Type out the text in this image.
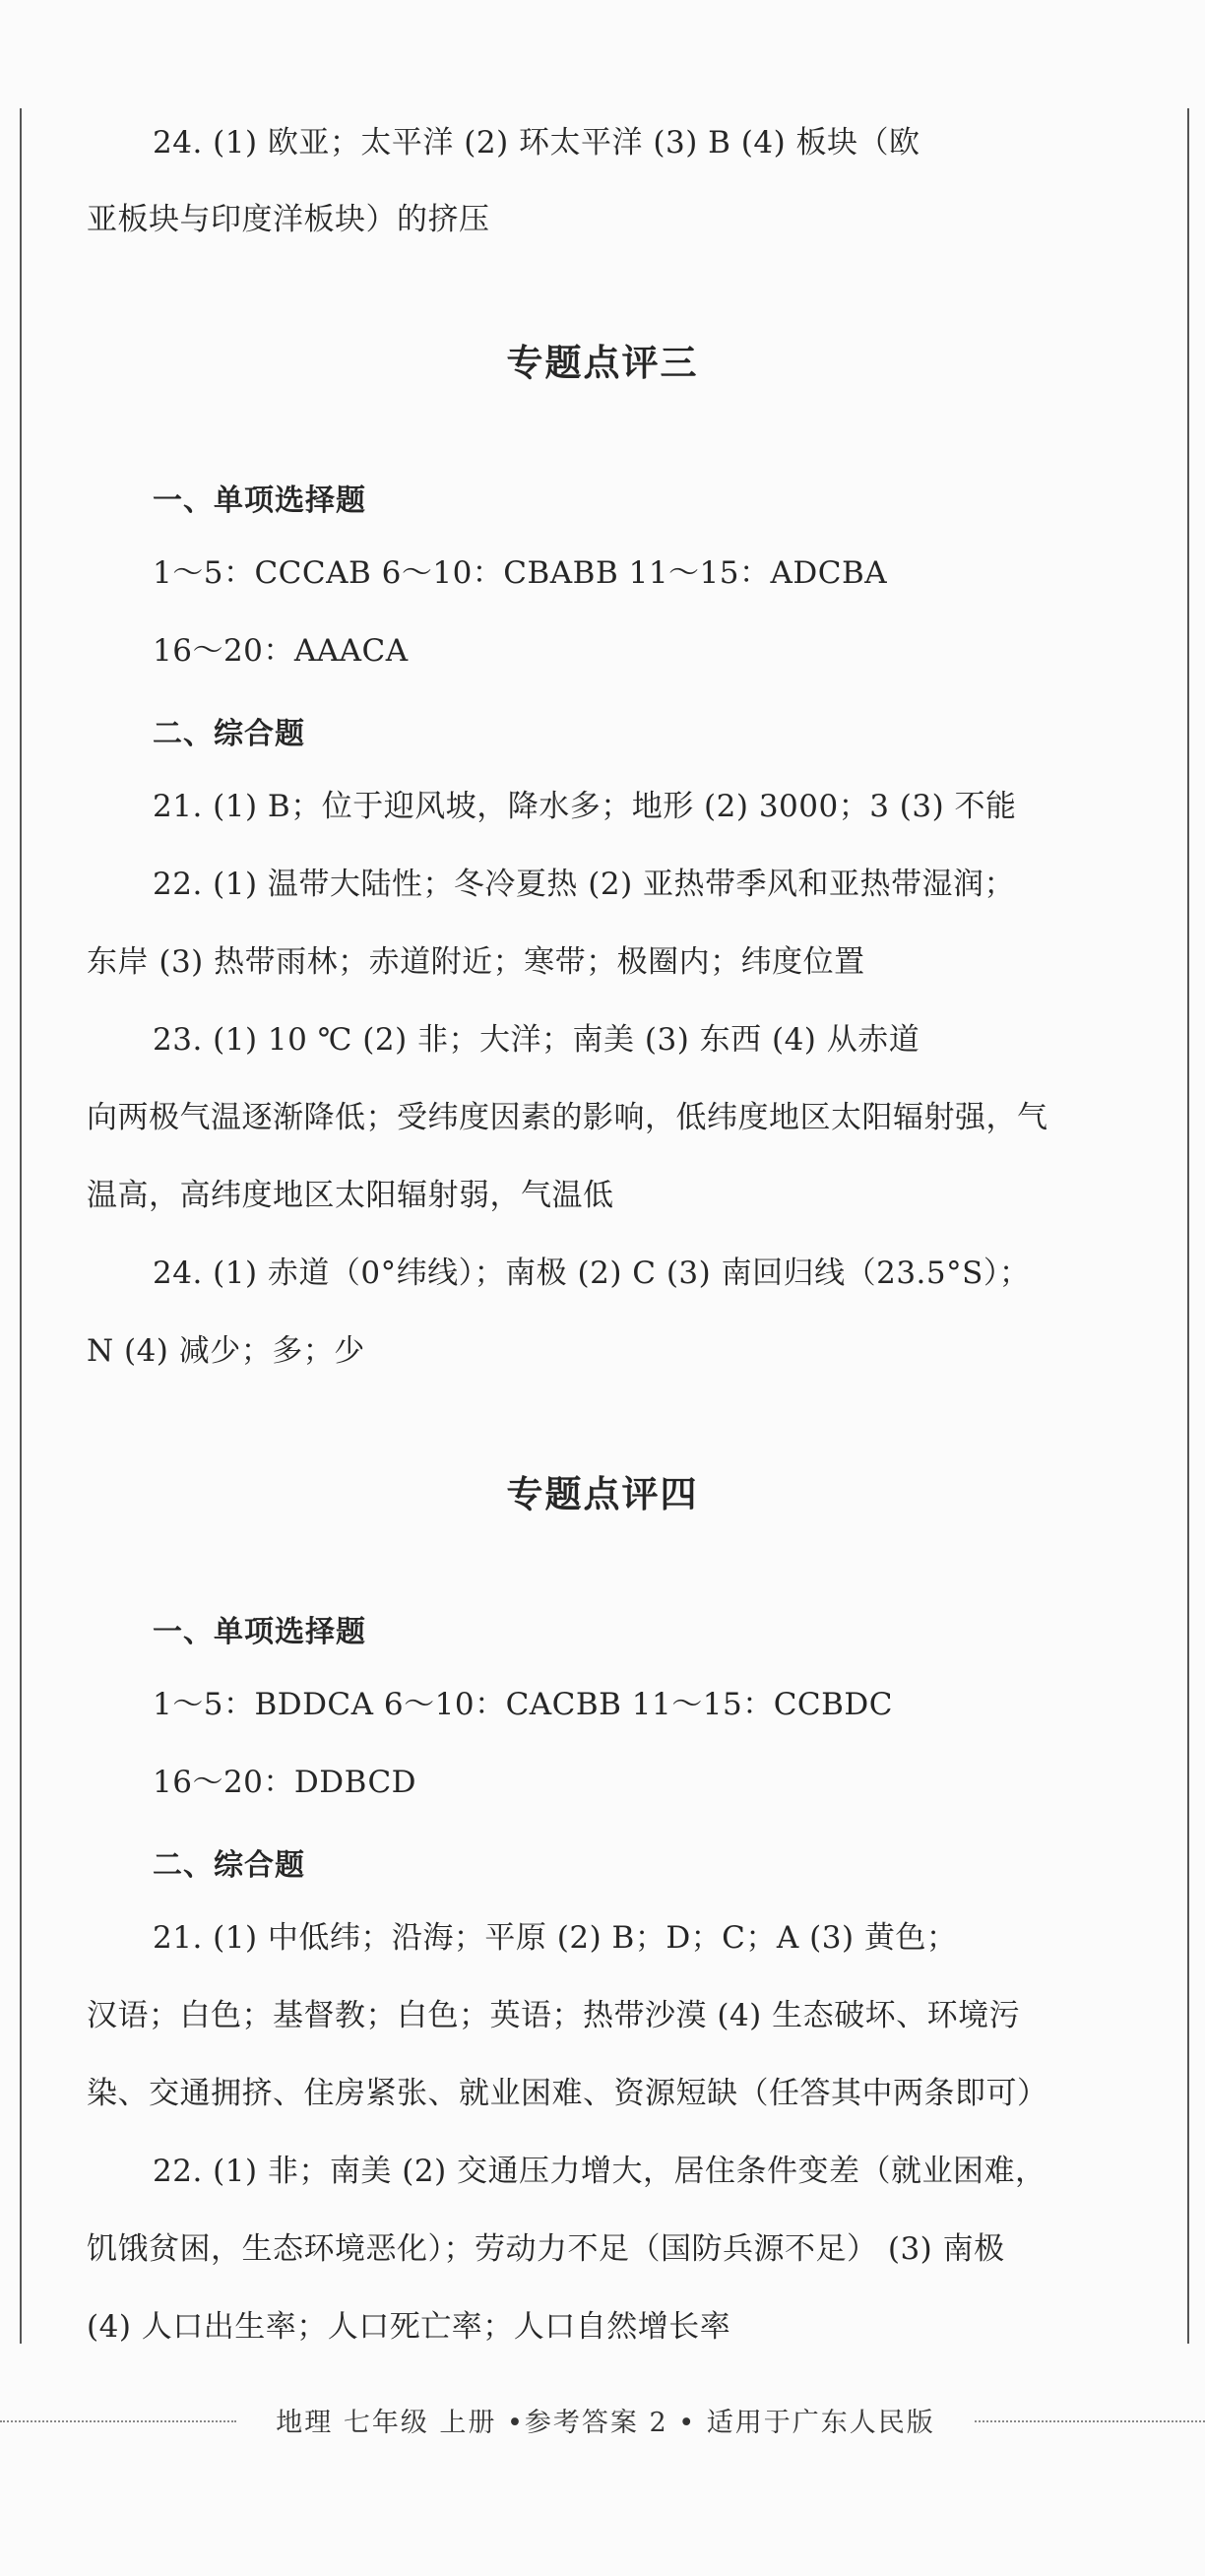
24. (1) 欧亚；太平洋 (2) 环太平洋 (3) B (4) 板块（欧
亚板块与印度洋板块）的挤压
专题点评三
一、单项选择题
1～5：CCCAB 6～10：CBABB 11～15：ADCBA
16～20：AAACA
二、综合题
21. (1) B；位于迎风坡，降水多；地形 (2) 3000；3 (3) 不能
22. (1) 温带大陆性；冬冷夏热 (2) 亚热带季风和亚热带湿润；
东岸 (3) 热带雨林；赤道附近；寒带；极圈内；纬度位置
23. (1) 10 ℃ (2) 非；大洋；南美 (3) 东西 (4) 从赤道
向两极气温逐渐降低；受纬度因素的影响，低纬度地区太阳辐射强，气
温高，高纬度地区太阳辐射弱，气温低
24. (1) 赤道（0°纬线）；南极 (2) C (3) 南回归线（23.5°S）；
N (4) 减少；多；少
专题点评四
一、单项选择题
1～5：BDDCA 6～10：CACBB 11～15：CCBDC
16～20：DDBCD
二、综合题
21. (1) 中低纬；沿海；平原 (2) B；D；C；A (3) 黄色；
汉语；白色；基督教；白色；英语；热带沙漠 (4) 生态破坏、环境污
染、交通拥挤、住房紧张、就业困难、资源短缺（任答其中两条即可）
22. (1) 非；南美 (2) 交通压力增大，居住条件变差（就业困难，
饥饿贫困，生态环境恶化）；劳动力不足（国防兵源不足） (3) 南极
(4) 人口出生率；人口死亡率；人口自然增长率
地理 七年级 上册 •参考答案 2 • 适用于广东人民版
